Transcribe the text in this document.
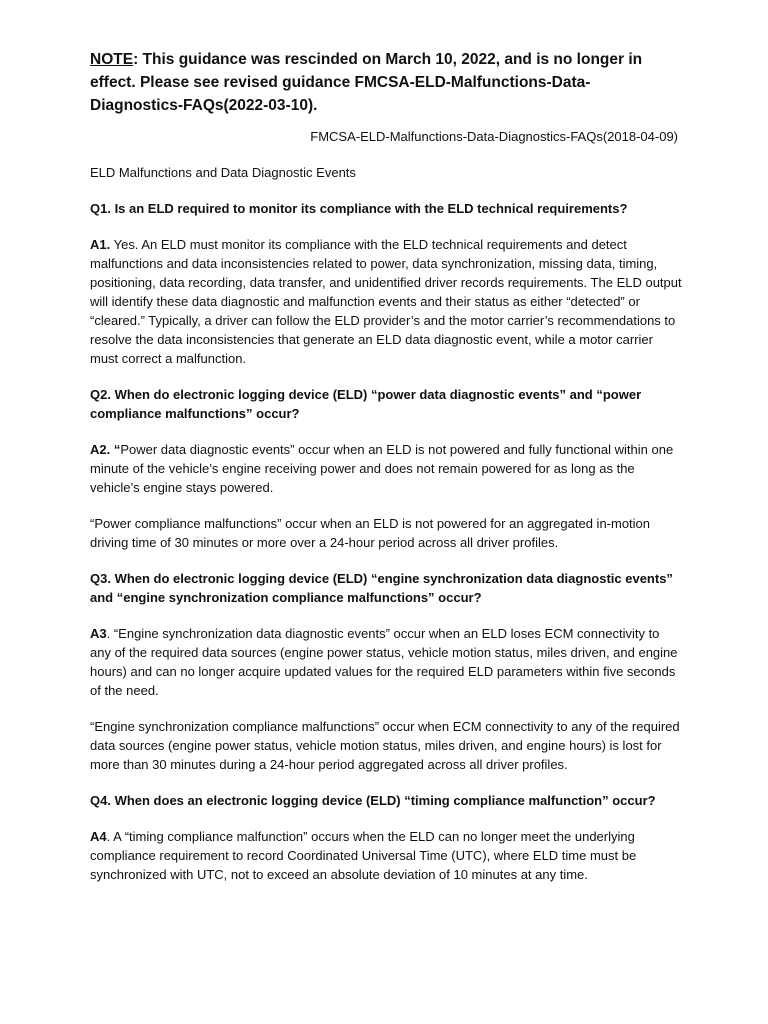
NOTE: This guidance was rescinded on March 10, 2022, and is no longer in effect. Please see revised guidance FMCSA-ELD-Malfunctions-Data-Diagnostics-FAQs(2022-03-10).

FMCSA-ELD-Malfunctions-Data-Diagnostics-FAQs(2018-04-09)

ELD Malfunctions and Data Diagnostic Events

Q1. Is an ELD required to monitor its compliance with the ELD technical requirements?

A1. Yes. An ELD must monitor its compliance with the ELD technical requirements and detect malfunctions and data inconsistencies related to power, data synchronization, missing data, timing, positioning, data recording, data transfer, and unidentified driver records requirements. The ELD output will identify these data diagnostic and malfunction events and their status as either “detected” or “cleared.” Typically, a driver can follow the ELD provider’s and the motor carrier’s recommendations to resolve the data inconsistencies that generate an ELD data diagnostic event, while a motor carrier must correct a malfunction.

Q2. When do electronic logging device (ELD) “power data diagnostic events” and “power compliance malfunctions” occur?

A2. “Power data diagnostic events” occur when an ELD is not powered and fully functional within one minute of the vehicle’s engine receiving power and does not remain powered for as long as the vehicle’s engine stays powered.

“Power compliance malfunctions” occur when an ELD is not powered for an aggregated in-motion driving time of 30 minutes or more over a 24-hour period across all driver profiles.

Q3. When do electronic logging device (ELD) “engine synchronization data diagnostic events” and “engine synchronization compliance malfunctions” occur?

A3. “Engine synchronization data diagnostic events” occur when an ELD loses ECM connectivity to any of the required data sources (engine power status, vehicle motion status, miles driven, and engine hours) and can no longer acquire updated values for the required ELD parameters within five seconds of the need.

“Engine synchronization compliance malfunctions” occur when ECM connectivity to any of the required data sources (engine power status, vehicle motion status, miles driven, and engine hours) is lost for more than 30 minutes during a 24-hour period aggregated across all driver profiles.

Q4. When does an electronic logging device (ELD) “timing compliance malfunction” occur?

A4. A “timing compliance malfunction” occurs when the ELD can no longer meet the underlying compliance requirement to record Coordinated Universal Time (UTC), where ELD time must be synchronized with UTC, not to exceed an absolute deviation of 10 minutes at any time.
